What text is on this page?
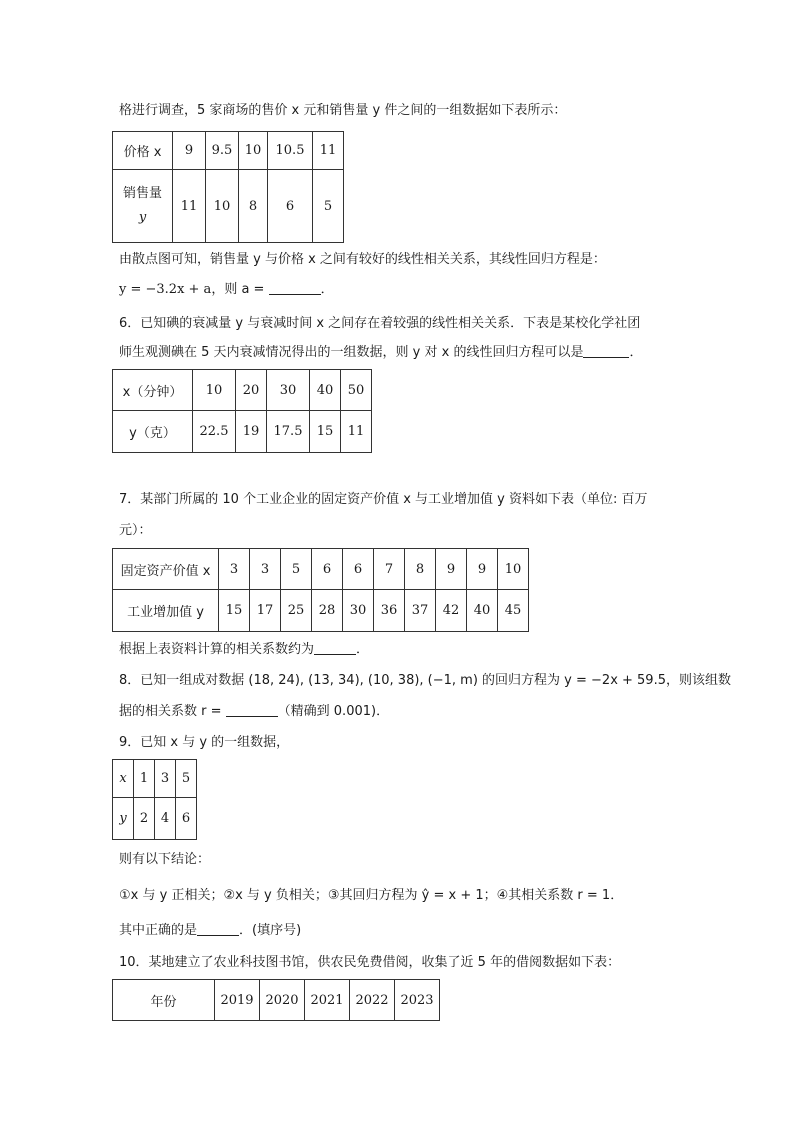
格进行调查，5 家商场的售价 x 元和销售量 y 件之间的一组数据如下表所示：
价格 x	9	9.5	10	10.5	11
销售量
y	11	10	8	6	5
由散点图可知，销售量 y 与价格 x 之间有较好的线性相关关系，其线性回归方程是：
y = −3.2x + a，则 a =	．
6．已知碘的衰减量 y 与衰减时间 x 之间存在着较强的线性相关关系．下表是某校化学社团
师生观测碘在 5 天内衰减情况得出的一组数据，则 y 对 x 的线性回归方程可以是	．
x（分钟）	10	20	30	40	50
y（克）	22.5	19	17.5	15	11
7．某部门所属的 10 个工业企业的固定资产价值 x 与工业增加值 y 资料如下表（单位: 百万
元）：
固定资产价值 x	3	3	5	6	6	7	8	9	9	10
工业增加值 y	15	17	25	28	30	36	37	42	40	45
根据上表资料计算的相关系数约为	．
8．已知一组成对数据 (18, 24), (13, 34), (10, 38), (−1, m) 的回归方程为 y = −2x + 59.5，则该组数
据的相关系数 r =	（精确到 0.001)．
9．已知 x 与 y 的一组数据，
x	1	3	5
y	2	4	6
则有以下结论：
①x 与 y 正相关；②x 与 y 负相关；③其回归方程为 ŷ = x + 1；④其相关系数 r = 1．
其中正确的是	．(填序号)
10．某地建立了农业科技图书馆，供农民免费借阅，收集了近 5 年的借阅数据如下表：
年份	2019	2020	2021	2022	2023
